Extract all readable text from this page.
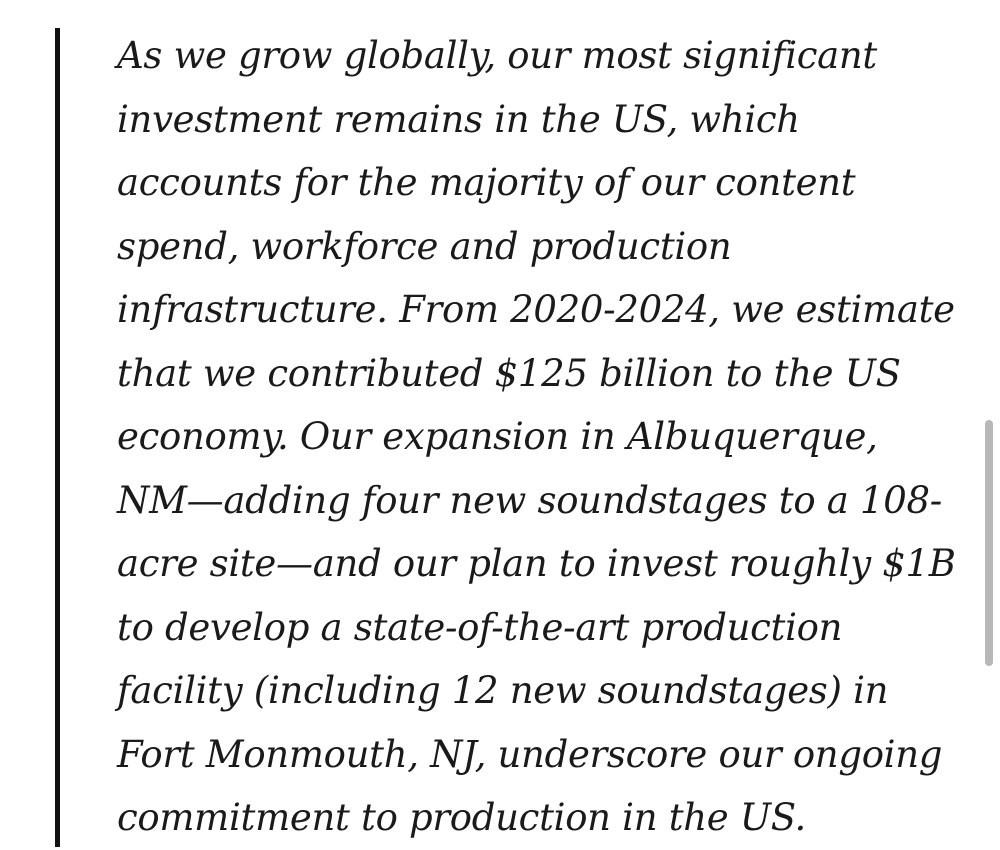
As we grow globally, our most significant
investment remains in the US, which
accounts for the majority of our content
spend, workforce and production
infrastructure. From 2020-2024, we estimate
that we contributed $125 billion to the US
economy. Our expansion in Albuquerque,
NM—adding four new soundstages to a 108-
acre site—and our plan to invest roughly $1B
to develop a state-of-the-art production
facility (including 12 new soundstages) in
Fort Monmouth, NJ, underscore our ongoing
commitment to production in the US.
